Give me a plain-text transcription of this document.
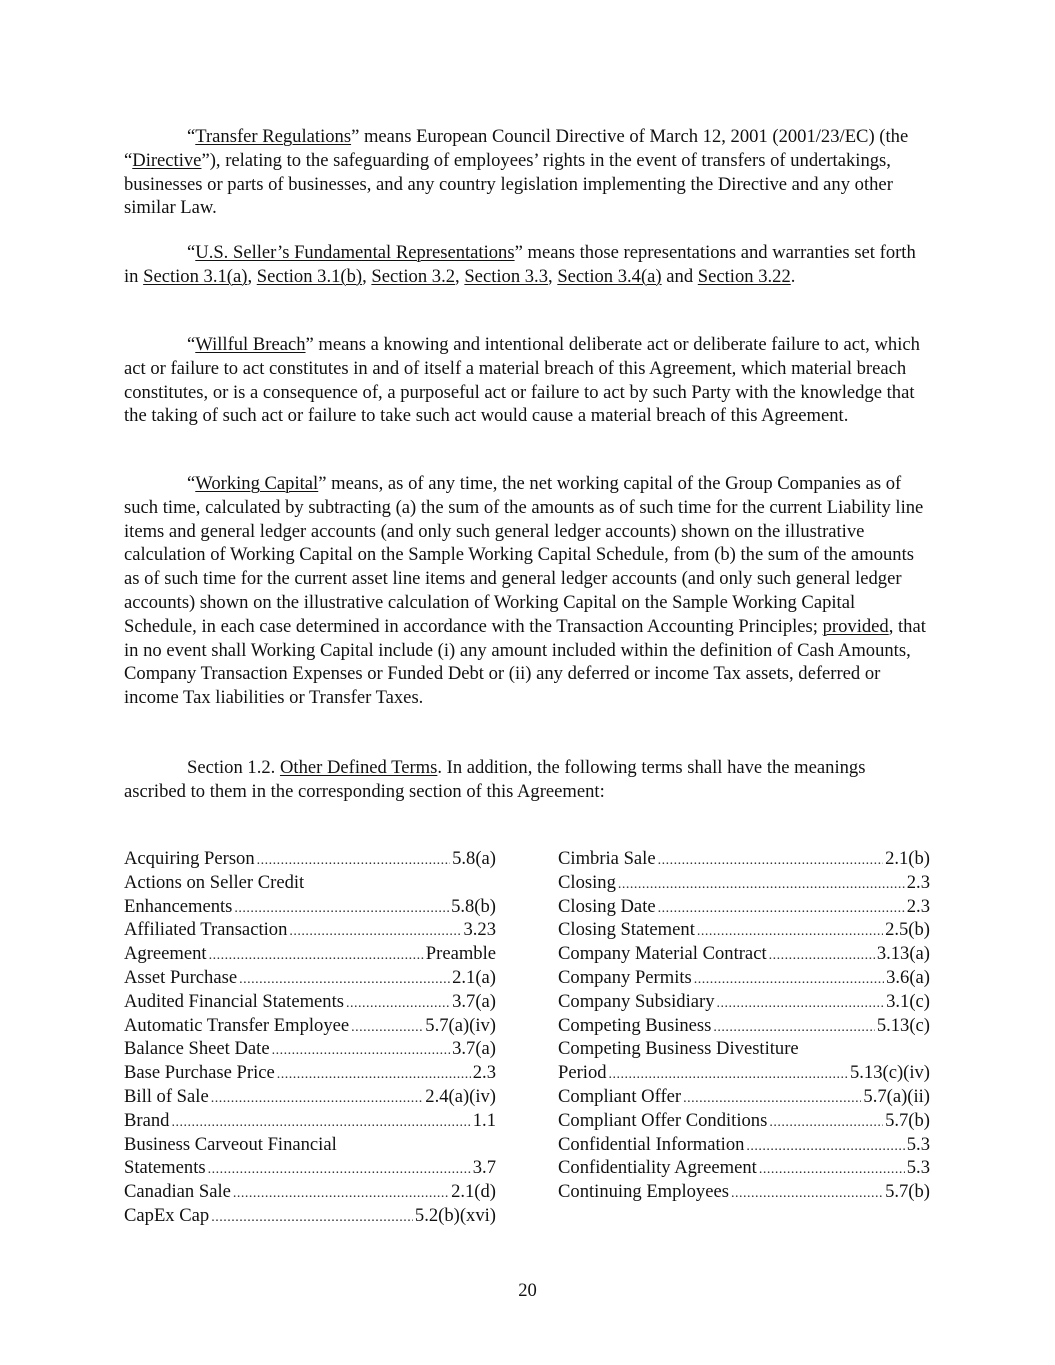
“Transfer Regulations” means European Council Directive of March 12, 2001 (2001/23/EC) (the “Directive”), relating to the safeguarding of employees’ rights in the event of transfers of undertakings, businesses or parts of businesses, and any country legislation implementing the Directive and any other similar Law.

“U.S. Seller’s Fundamental Representations” means those representations and warranties set forth in Section 3.1(a), Section 3.1(b), Section 3.2, Section 3.3, Section 3.4(a) and Section 3.22.

“Willful Breach” means a knowing and intentional deliberate act or deliberate failure to act, which act or failure to act constitutes in and of itself a material breach of this Agreement, which material breach constitutes, or is a consequence of, a purposeful act or failure to act by such Party with the knowledge that the taking of such act or failure to take such act would cause a material breach of this Agreement.

“Working Capital” means, as of any time, the net working capital of the Group Companies as of such time, calculated by subtracting (a) the sum of the amounts as of such time for the current Liability line items and general ledger accounts (and only such general ledger accounts) shown on the illustrative calculation of Working Capital on the Sample Working Capital Schedule, from (b) the sum of the amounts as of such time for the current asset line items and general ledger accounts (and only such general ledger accounts) shown on the illustrative calculation of Working Capital on the Sample Working Capital Schedule, in each case determined in accordance with the Transaction Accounting Principles; provided, that in no event shall Working Capital include (i) any amount included within the definition of Cash Amounts, Company Transaction Expenses or Funded Debt or (ii) any deferred or income Tax assets, deferred or income Tax liabilities or Transfer Taxes.

Section 1.2. Other Defined Terms. In addition, the following terms shall have the meanings ascribed to them in the corresponding section of this Agreement:

Acquiring Person .....	5.8(a)
Actions on Seller Credit
Enhancements .....	5.8(b)
Affiliated Transaction .....	3.23
Agreement .....	Preamble
Asset Purchase .....	2.1(a)
Audited Financial Statements .....	3.7(a)
Automatic Transfer Employee .....	5.7(a)(iv)
Balance Sheet Date .....	3.7(a)
Base Purchase Price .....	2.3
Bill of Sale .....	2.4(a)(iv)
Brand .....	1.1
Business Carveout Financial
Statements .....	3.7
Canadian Sale .....	2.1(d)
CapEx Cap .....	5.2(b)(xvi)
Cimbria Sale .....	2.1(b)
Closing .....	2.3
Closing Date .....	2.3
Closing Statement .....	2.5(b)
Company Material Contract .....	3.13(a)
Company Permits .....	3.6(a)
Company Subsidiary .....	3.1(c)
Competing Business .....	5.13(c)
Competing Business Divestiture
Period .....	5.13(c)(iv)
Compliant Offer .....	5.7(a)(ii)
Compliant Offer Conditions .....	5.7(b)
Confidential Information .....	5.3
Confidentiality Agreement .....	5.3
Continuing Employees .....	5.7(b)
20
